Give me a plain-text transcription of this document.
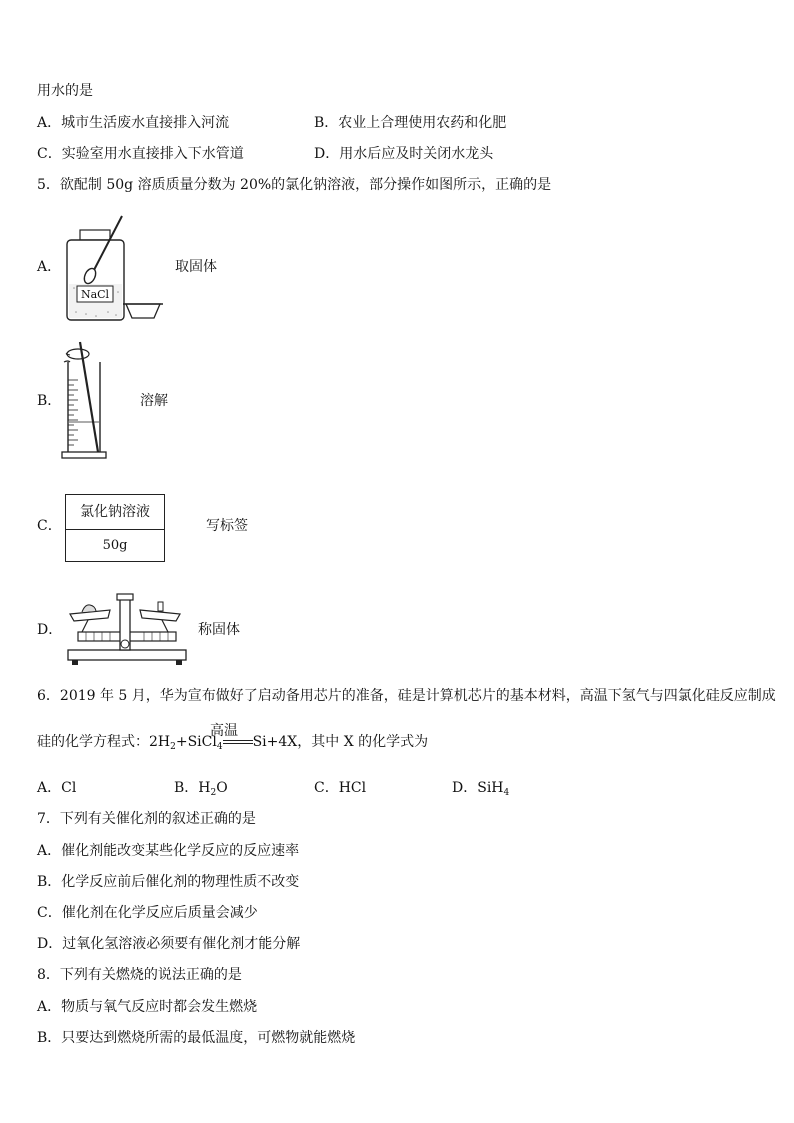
用水的是
A．城市生活废水直接排入河流	B．农业上合理使用农药和化肥
C．实验室用水直接排入下水管道	D．用水后应及时关闭水龙头
5．欲配制 50g 溶质质量分数为 20%的氯化钠溶液，部分操作如图所示，正确的是
A．
NaCl
取固体
B．	溶解
C．
氯化钠溶液
50g
写标签
D．	称固体
6．2019 年 5 月，华为宣布做好了启动备用芯片的准备，硅是计算机芯片的基本材料，高温下氢气与四氯化硅反应制成
硅的化学方程式：$2H_2+SiCl_4$ Si+4X，其中 X 的化学式为
高温
A．Cl	B．$H_2O$	C．HCl	D．SiH$_4$
7．下列有关催化剂的叙述正确的是
A．催化剂能改变某些化学反应的反应速率
B．化学反应前后催化剂的物理性质不改变
C．催化剂在化学反应后质量会减少
D．过氧化氢溶液必须要有催化剂才能分解
8．下列有关燃烧的说法正确的是
A．物质与氧气反应时都会发生燃烧
B．只要达到燃烧所需的最低温度，可燃物就能燃烧
